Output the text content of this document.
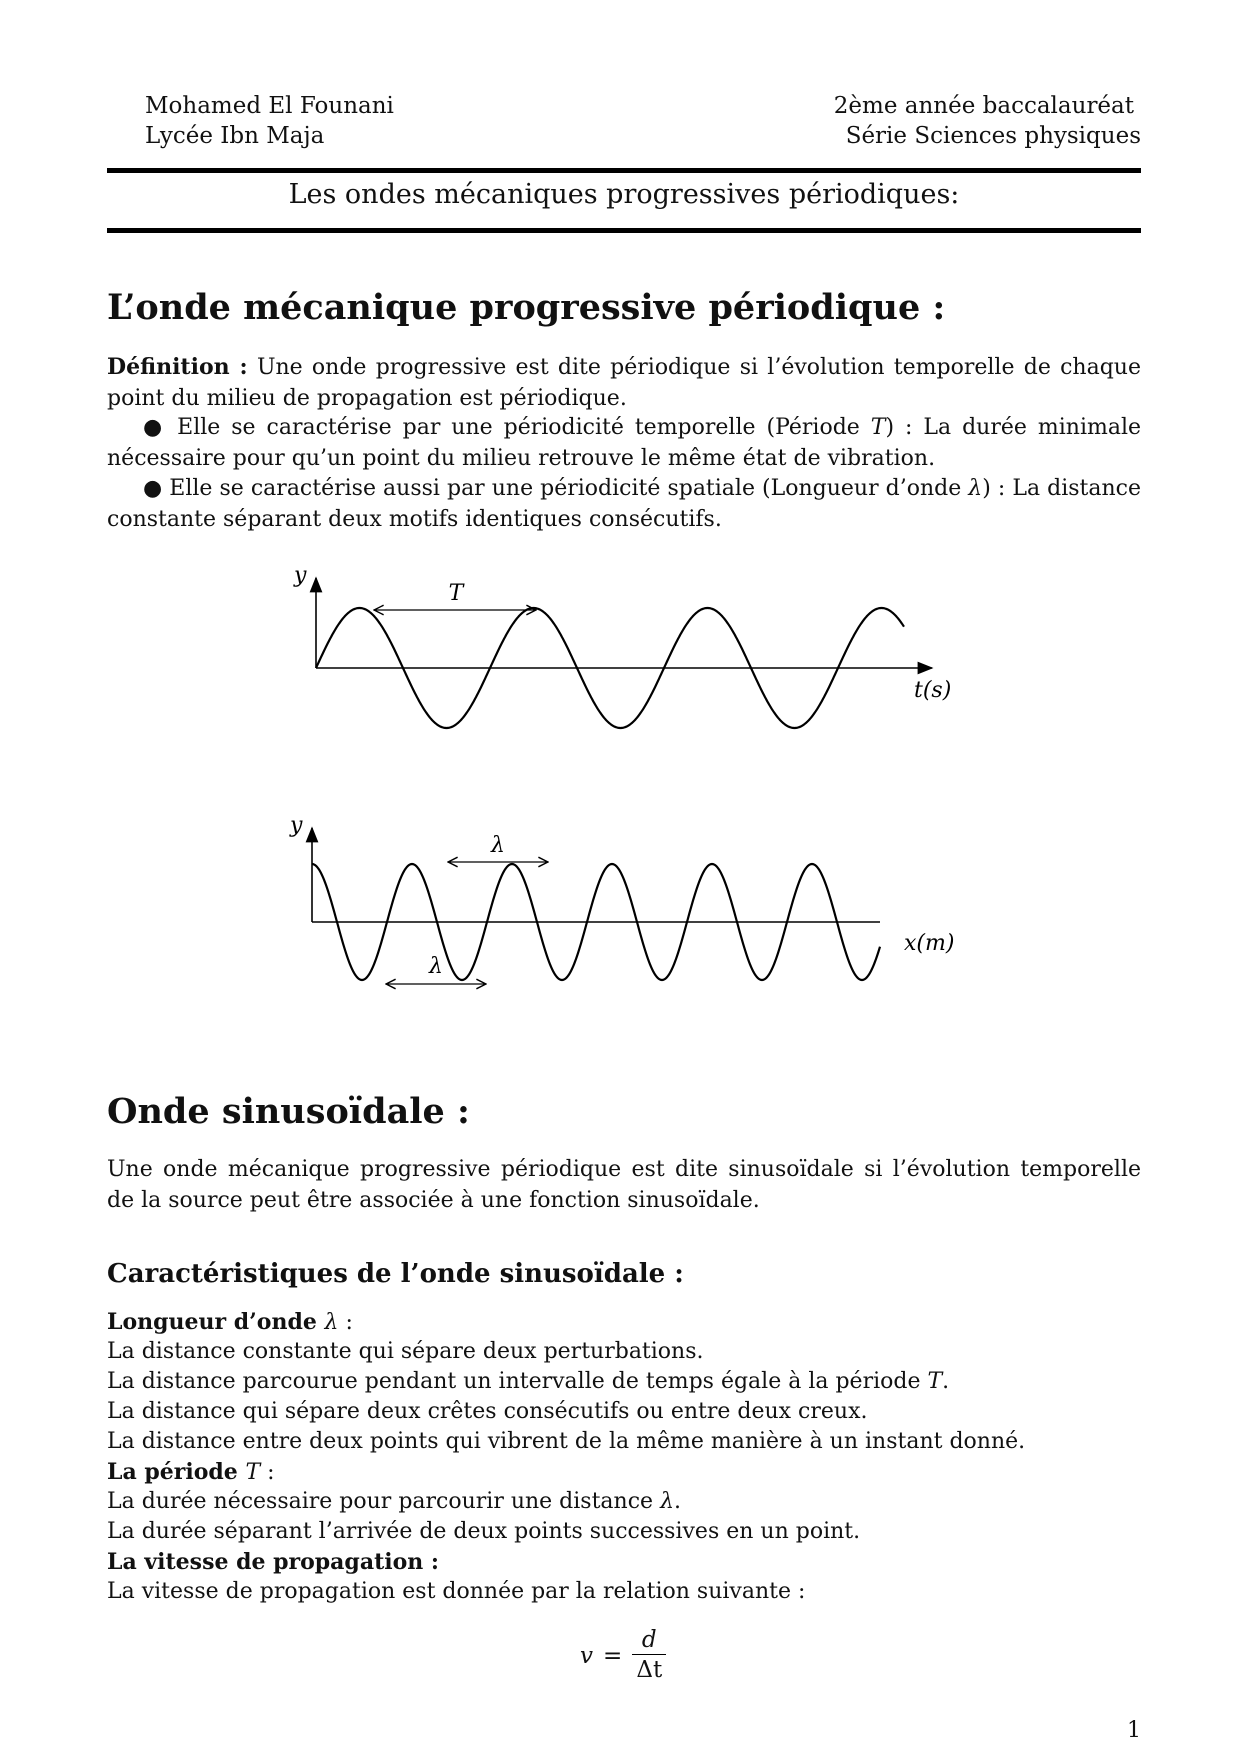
Mohamed El Founani
Lycée Ibn Maja
2ème année baccalauréat
Série Sciences physiques
Les ondes mécaniques progressives périodiques:
L’onde mécanique progressive périodique :
Définition : Une onde progressive est dite périodique si l’évolution temporelle de chaque point du milieu de propagation est périodique.
● Elle se caractérise par une périodicité temporelle (Période T) : La durée minimale nécessaire pour qu’un point du milieu retrouve le même état de vibration.
● Elle se caractérise aussi par une périodicité spatiale (Longueur d’onde λ) : La distance constante séparant deux motifs identiques consécutifs.
T
y
t(s)
λ
λ
y
x(m)
Onde sinusoïdale :
Une onde mécanique progressive périodique est dite sinusoïdale si l’évolution temporelle de la source peut être associée à une fonction sinusoïdale.
Caractéristiques de l’onde sinusoïdale :
Longueur d’onde λ :
La distance constante qui sépare deux perturbations.
La distance parcourue pendant un intervalle de temps égale à la période T.
La distance qui sépare deux crêtes consécutifs ou entre deux creux.
La distance entre deux points qui vibrent de la même manière à un instant donné.
La période T :
La durée nécessaire pour parcourir une distance λ.
La durée séparant l’arrivée de deux points successives en un point.
La vitesse de propagation :
La vitesse de propagation est donnée par la relation suivante :
v =
d
Δt
1
